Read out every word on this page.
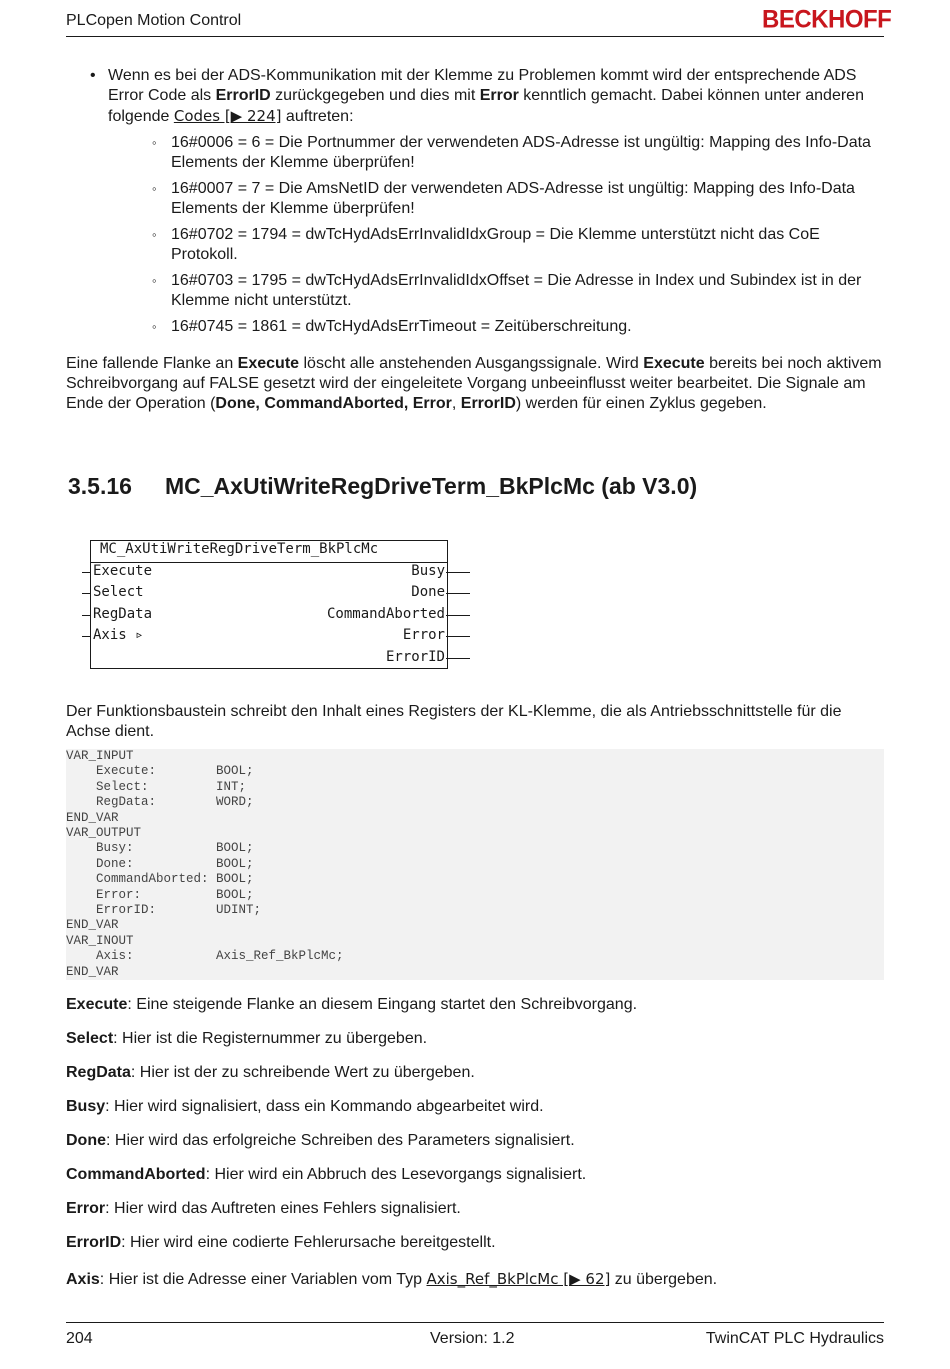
PLCopen Motion Control	BECKHOFF
• Wenn es bei der ADS-Kommunikation mit der Klemme zu Problemen kommt wird der entsprechende ADS Error Code als ErrorID zurückgegeben und dies mit Error kenntlich gemacht. Dabei können unter anderen folgende Codes [▶ 224] auftreten:
◦ 16#0006 = 6 = Die Portnummer der verwendeten ADS-Adresse ist ungültig: Mapping des Info-Data Elements der Klemme überprüfen!
◦ 16#0007 = 7 = Die AmsNetID der verwendeten ADS-Adresse ist ungültig: Mapping des Info-Data Elements der Klemme überprüfen!
◦ 16#0702 = 1794 = dwTcHydAdsErrInvalidIdxGroup = Die Klemme unterstützt nicht das CoE Protokoll.
◦ 16#0703 = 1795 = dwTcHydAdsErrInvalidIdxOffset = Die Adresse in Index und Subindex ist in der Klemme nicht unterstützt.
◦ 16#0745 = 1861 = dwTcHydAdsErrTimeout = Zeitüberschreitung.
Eine fallende Flanke an Execute löscht alle anstehenden Ausgangssignale. Wird Execute bereits bei noch aktivem Schreibvorgang auf FALSE gesetzt wird der eingeleitete Vorgang unbeeinflusst weiter bearbeitet. Die Signale am Ende der Operation (Done, CommandAborted, Error, ErrorID) werden für einen Zyklus gegeben.
3.5.16 MC_AxUtiWriteRegDriveTerm_BkPlcMc (ab V3.0)
MC_AxUtiWriteRegDriveTerm_BkPlcMc
Execute
Select
RegData
Axis ▹
Busy
Done
CommandAborted
Error
ErrorID
Der Funktionsbaustein schreibt den Inhalt eines Registers der KL-Klemme, die als Antriebsschnittstelle für die Achse dient.
VAR_INPUT
Execute:        BOOL;
Select:         INT;
RegData:        WORD;
END_VAR
VAR_OUTPUT
Busy:           BOOL;
Done:           BOOL;
CommandAborted: BOOL;
Error:          BOOL;
ErrorID:        UDINT;
END_VAR
VAR_INOUT
Axis:           Axis_Ref_BkPlcMc;
END_VAR
Execute: Eine steigende Flanke an diesem Eingang startet den Schreibvorgang.
Select: Hier ist die Registernummer zu übergeben.
RegData: Hier ist der zu schreibende Wert zu übergeben.
Busy: Hier wird signalisiert, dass ein Kommando abgearbeitet wird.
Done: Hier wird das erfolgreiche Schreiben des Parameters signalisiert.
CommandAborted: Hier wird ein Abbruch des Lesevorgangs signalisiert.
Error: Hier wird das Auftreten eines Fehlers signalisiert.
ErrorID: Hier wird eine codierte Fehlerursache bereitgestellt.
Axis: Hier ist die Adresse einer Variablen vom Typ Axis_Ref_BkPlcMc [▶ 62] zu übergeben.
204	Version: 1.2	TwinCAT PLC Hydraulics
